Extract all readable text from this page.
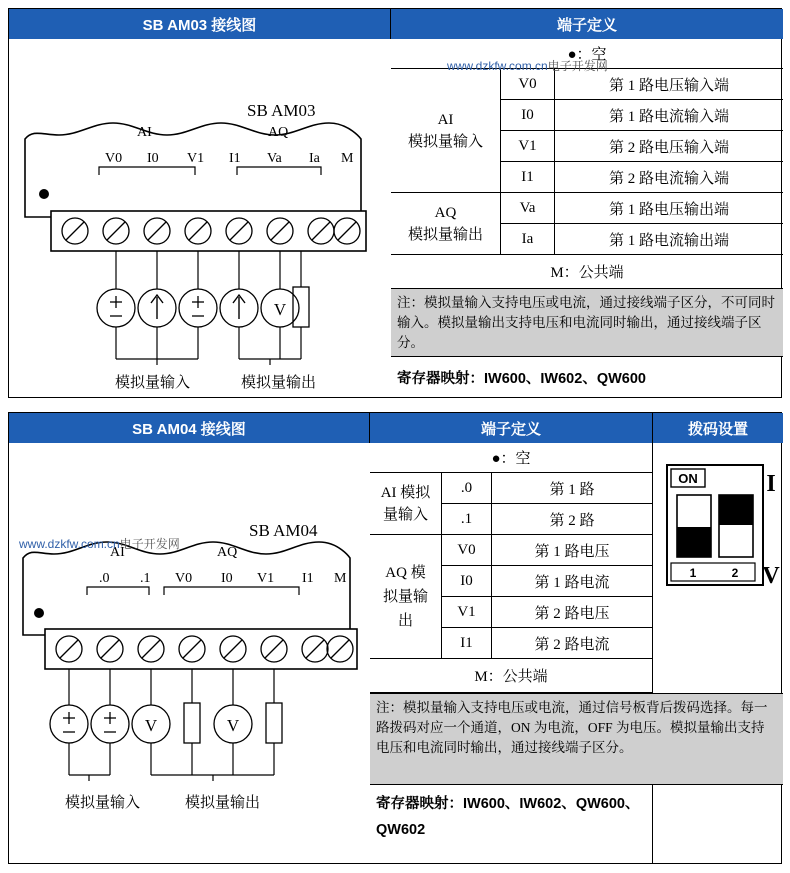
SB AM03 接线图	端子定义
V
SB AM03
AI	AQ
V0 I0 V1 I1 Va Ia M
模拟量输入	模拟量输出
●：空
AI
模拟量输入
V0	第 1 路电压输入端
I0	第 1 路电流输入端
V1	第 2 路电压输入端
I1	第 2 路电流输入端
AQ
模拟量输出
Va	第 1 路电压输出端
Ia	第 1 路电流输出端
M：公共端
注：模拟量输入支持电压或电流，通过接线端子区分，不可同时输入。模拟量输出支持电压和电流同时输出，通过接线端子区分。
寄存器映射：IW600、IW602、QW600
www.dzkfw.com.cn电子开发网
SB AM04 接线图	端子定义	拨码设置
V	V
SB AM04
AI	AQ
.0 .1 V0 I0 V1 I1 M
模拟量输入	模拟量输出
www.dzkfw.com.cn电子开发网
●：空
AI 模拟
量输入
.0	第 1 路
.1	第 2 路
AQ 模
拟量输
出
V0	第 1 路电压
I0	第 1 路电流
V1	第 2 路电压
I1	第 2 路电流
M：公共端
ON
1	2
I
V
注：模拟量输入支持电压或电流，通过信号板背后拨码选择。每一路拨码对应一个通道，ON 为电流，OFF 为电压。模拟量输出支持电压和电流同时输出，通过接线端子区分。
寄存器映射：IW600、IW602、QW600、
QW602
